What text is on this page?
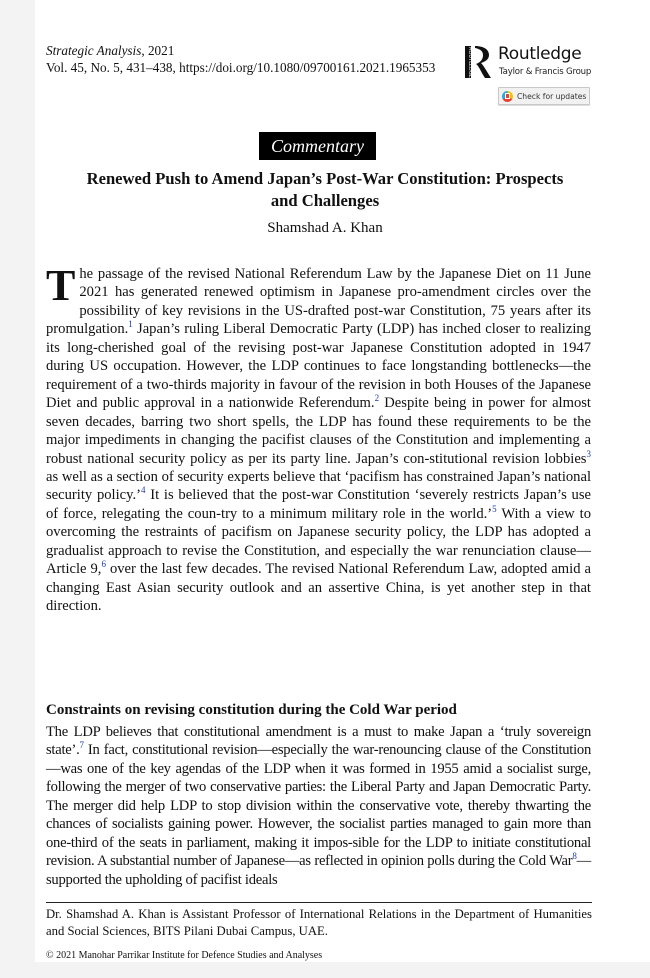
Strategic Analysis, 2021
Vol. 45, No. 5, 431–438, https://doi.org/10.1080/09700161.2021.1965353	ROUTLEDGE Routledge
Taylor & Francis Group
Check for updates
Commentary
Renewed Push to Amend Japan’s Post-War Constitution: Prospects
and Challenges
Shamshad A. Khan
The passage of the revised National Referendum Law by the Japanese Diet on 11 June 2021 has generated renewed optimism in Japanese pro-amendment circles over the possibility of key revisions in the US-drafted post-war Constitution, 75 years after its promulgation.$^1$ Japan’s ruling Liberal Democratic Party (LDP) has inched closer to realizing its long-cherished goal of the revising post-war Japanese Constitution adopted in 1947 during US occupation. However, the LDP continues to face longstanding bottlenecks—the requirement of a two-thirds majority in favour of the revision in both Houses of the Japanese Diet and public approval in a nationwide Referendum.$^2$ Despite being in power for almost seven decades, barring two short spells, the LDP has found these requirements to be the major impediments in changing the pacifist clauses of the Constitution and implementing a robust national security policy as per its party line. Japan’s con-stitutional revision lobbies$^3$ as well as a section of security experts believe that ‘pacifism has constrained Japan’s national security policy.’$^4$ It is believed that the post-war Constitution ‘severely restricts Japan’s use of force, relegating the coun-try to a minimum military role in the world.’$^5$ With a view to overcoming the restraints of pacifism on Japanese security policy, the LDP has adopted a gradualist approach to revise the Constitution, and especially the war renunciation clause—Article 9,$^6$ over the last few decades. The revised National Referendum Law, adopted amid a changing East Asian security outlook and an assertive China, is yet another step in that direction.
Constraints on revising constitution during the Cold War period
The LDP believes that constitutional amendment is a must to make Japan a ‘truly sovereign state’.$^7$ In fact, constitutional revision—especially the war-renouncing clause of the Constitution—was one of the key agendas of the LDP when it was formed in 1955 amid a socialist surge, following the merger of two conservative parties: the Liberal Party and Japan Democratic Party. The merger did help LDP to stop division within the conservative vote, thereby thwarting the chances of socialists gaining power. However, the socialist parties managed to gain more than one-third of the seats in parliament, making it impos-sible for the LDP to initiate constitutional revision. A substantial number of Japanese—as reflected in opinion polls during the Cold War$^8$—supported the upholding of pacifist ideals
Dr. Shamshad A. Khan is Assistant Professor of International Relations in the Department of Humanities and Social Sciences, BITS Pilani Dubai Campus, UAE.
© 2021 Manohar Parrikar Institute for Defence Studies and Analyses
